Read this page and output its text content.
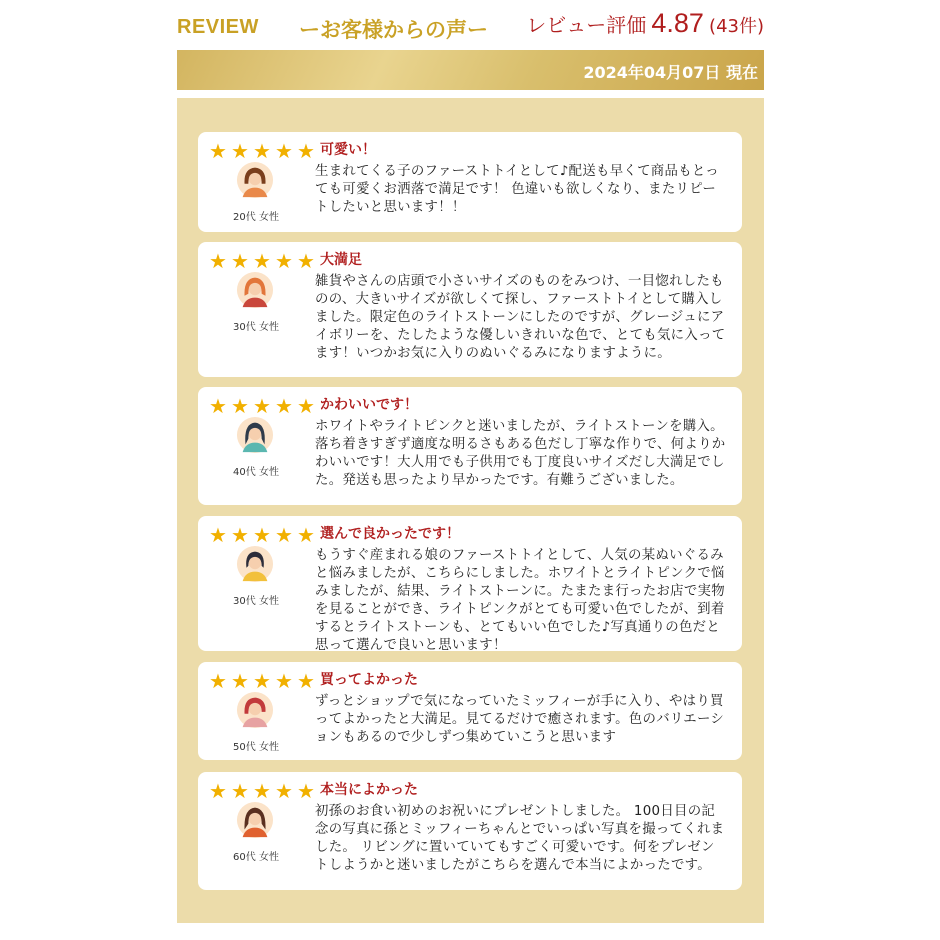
REVIEW ーお客様からの声ー レビュー評価 4.87 (43件)
2024年04月07日 現在
★ ★ ★ ★ ★ 可愛い！
20代 女性
生まれてくる子のファーストトイとして♪配送も早くて商品もとっても可愛くお洒落で満足です！ 色違いも欲しくなり、またリピートしたいと思います！！
★ ★ ★ ★ ★ 大満足
30代 女性
雑貨やさんの店頭で小さいサイズのものをみつけ、一目惚れしたものの、大きいサイズが欲しくて探し、ファーストトイとして購入しました。限定色のライトストーンにしたのですが、グレージュにアイボリーを、たしたような優しいきれいな色で、とても気に入ってます！いつかお気に入りのぬいぐるみになりますように。
★ ★ ★ ★ ★ かわいいです！
40代 女性
ホワイトやライトピンクと迷いましたが、ライトストーンを購入。落ち着きすぎず適度な明るさもある色だし丁寧な作りで、何よりかわいいです！大人用でも子供用でも丁度良いサイズだし大満足でした。発送も思ったより早かったです。有難うございました。
★ ★ ★ ★ ★ 選んで良かったです！
30代 女性
もうすぐ産まれる娘のファーストトイとして、人気の某ぬいぐるみと悩みましたが、こちらにしました。ホワイトとライトピンクで悩みましたが、結果、ライトストーンに。たまたま行ったお店で実物を見ることができ、ライトピンクがとても可愛い色でしたが、到着するとライトストーンも、とてもいい色でした♪写真通りの色だと思って選んで良いと思います！
★ ★ ★ ★ ★ 買ってよかった
50代 女性
ずっとショップで気になっていたミッフィーが手に入り、やはり買ってよかったと大満足。見てるだけで癒されます。色のバリエーションもあるので少しずつ集めていこうと思います
★ ★ ★ ★ ★ 本当によかった
60代 女性
初孫のお食い初めのお祝いにプレゼントしました。 100日目の記念の写真に孫とミッフィーちゃんとでいっぱい写真を撮ってくれました。 リビングに置いていてもすごく可愛いです。何をプレゼントしようかと迷いましたがこちらを選んで本当によかったです。
